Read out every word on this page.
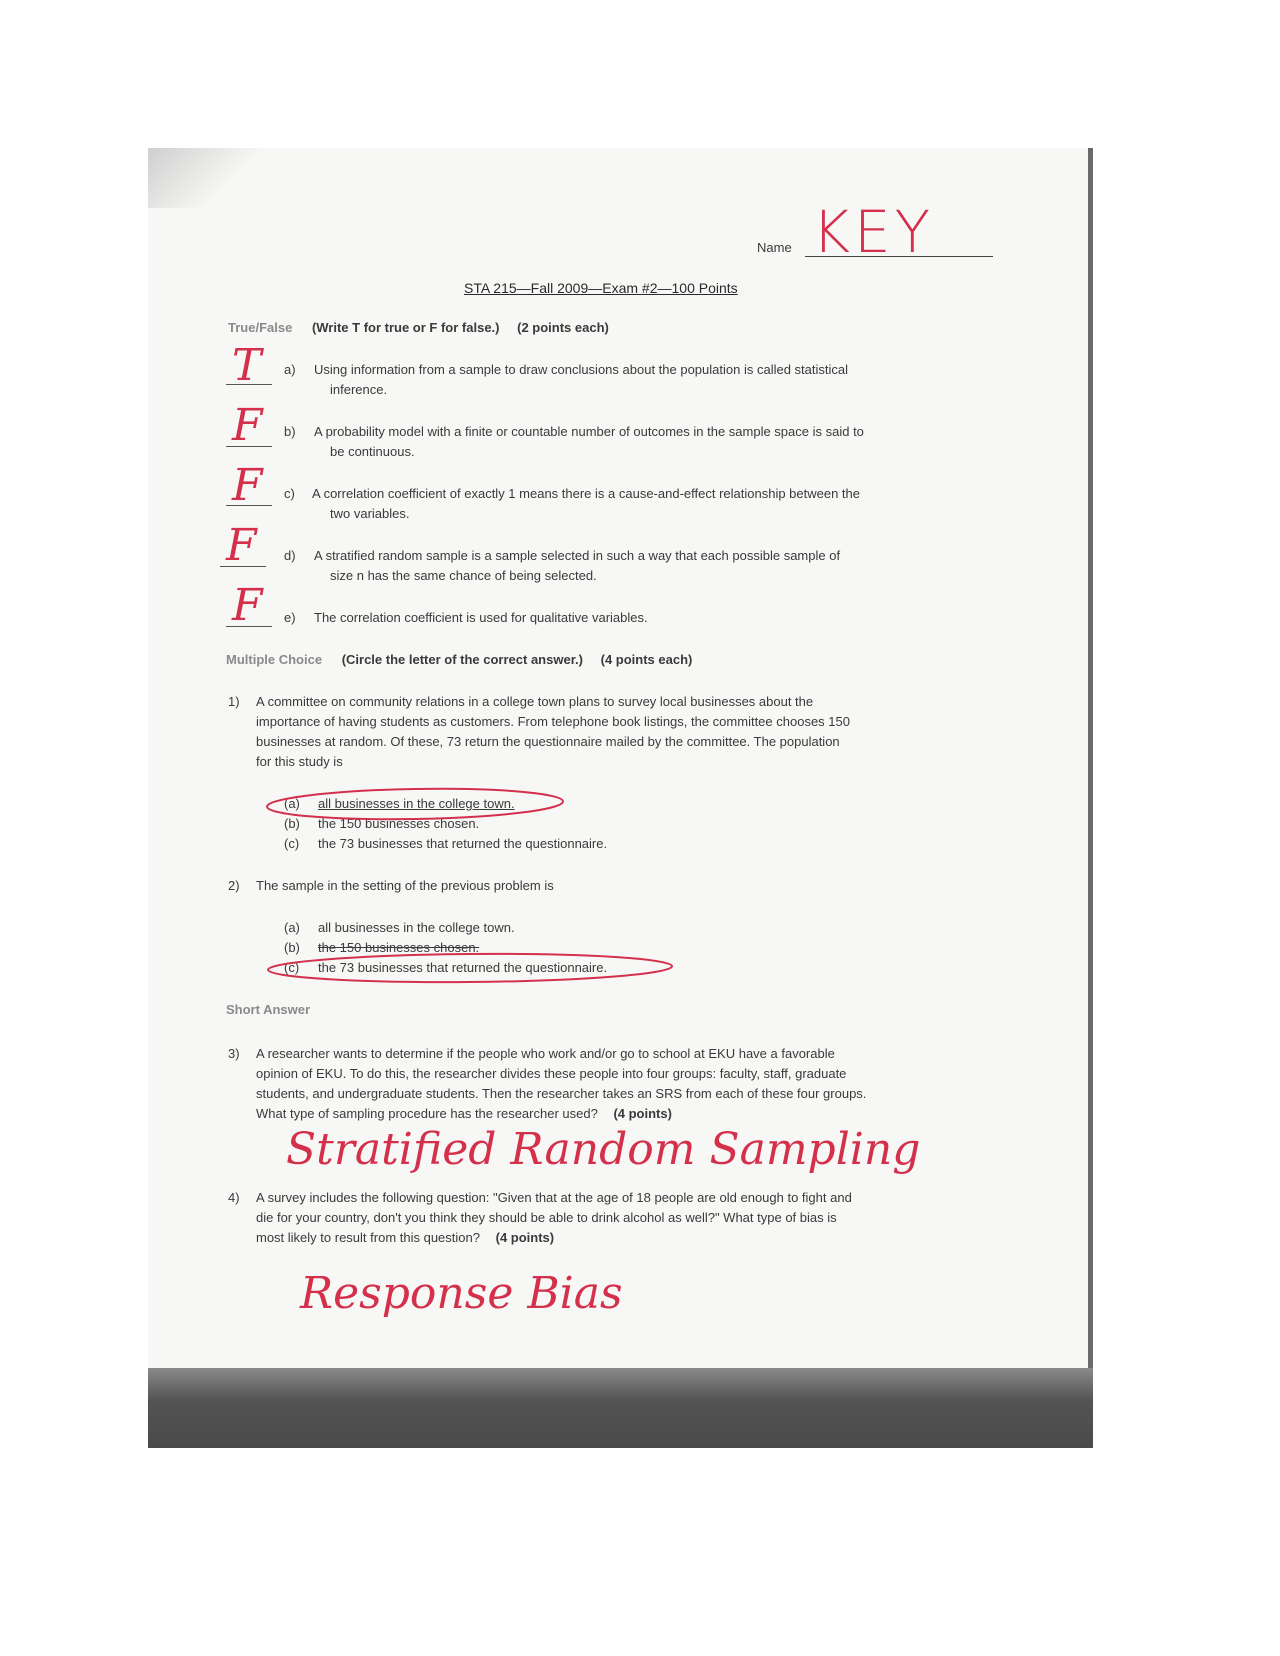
Name KEY
STA 215—Fall 2009—Exam #2—100 Points
True/False (Write T for true or F for false.) (2 points each)
T a) Using information from a sample to draw conclusions about the population is called statistical
inference.
F b) A probability model with a finite or countable number of outcomes in the sample space is said to
be continuous.
F c) A correlation coefficient of exactly 1 means there is a cause-and-effect relationship between the
two variables.
F d) A stratified random sample is a sample selected in such a way that each possible sample of
size n has the same chance of being selected.
F e) The correlation coefficient is used for qualitative variables.
Multiple Choice (Circle the letter of the correct answer.) (4 points each)
1) A committee on community relations in a college town plans to survey local businesses about the
importance of having students as customers. From telephone book listings, the committee chooses 150
businesses at random. Of these, 73 return the questionnaire mailed by the committee. The population
for this study is
(a) all businesses in the college town.
(b) the 150 businesses chosen.
(c) the 73 businesses that returned the questionnaire.
2) The sample in the setting of the previous problem is
(a) all businesses in the college town.
(b) the 150 businesses chosen.
(c) the 73 businesses that returned the questionnaire.
Short Answer
3) A researcher wants to determine if the people who work and/or go to school at EKU have a favorable
opinion of EKU. To do this, the researcher divides these people into four groups: faculty, staff, graduate
students, and undergraduate students. Then the researcher takes an SRS from each of these four groups.
What type of sampling procedure has the researcher used? (4 points)
Stratified Random Sampling
4) A survey includes the following question: "Given that at the age of 18 people are old enough to fight and
die for your country, don't you think they should be able to drink alcohol as well?" What type of bias is
most likely to result from this question? (4 points)
Response Bias
